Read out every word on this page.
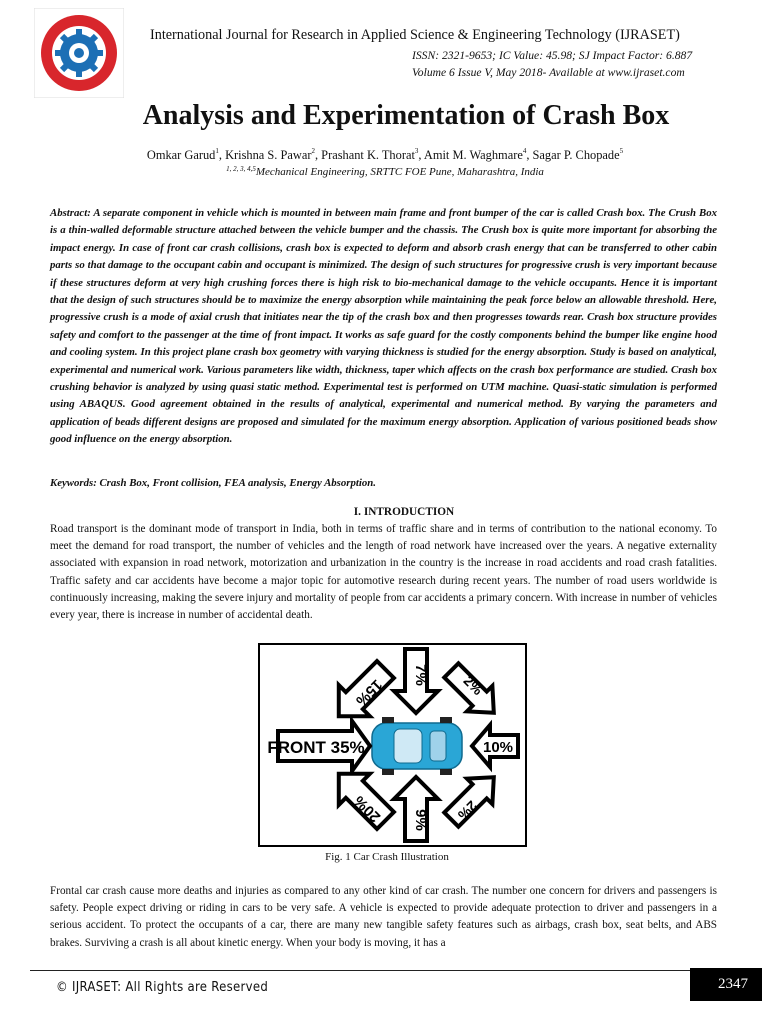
International Journal for Research in Applied Science & Engineering Technology (IJRASET)
ISSN: 2321-9653; IC Value: 45.98; SJ Impact Factor: 6.887
Volume 6 Issue V, May 2018- Available at www.ijraset.com
Analysis and Experimentation of Crash Box
Omkar Garud$^1$, Krishna S. Pawar$^2$, Prashant K. Thorat$^3$, Amit M. Waghmare$^4$, Sagar P. Chopade$^5$
$^{1, 2, 3, 4,5}$Mechanical Engineering, SRTTC FOE Pune, Maharashtra, India
Abstract: A separate component in vehicle which is mounted in between main frame and front bumper of the car is called Crash box. The Crush Box is a thin-walled deformable structure attached between the vehicle bumper and the chassis. The Crush box is quite more important for absorbing the impact energy. In case of front car crash collisions, crash box is expected to deform and absorb crash energy that can be transferred to other cabin parts so that damage to the occupant cabin and occupant is minimized. The design of such structures for progressive crush is very important because if these structures deform at very high crushing forces there is high risk to bio-mechanical damage to the vehicle occupants. Hence it is important that the design of such structures should be to maximize the energy absorption while maintaining the peak force below an allowable threshold. Here, progressive crush is a mode of axial crush that initiates near the tip of the crash box and then progresses towards rear. Crash box structure provides safety and comfort to the passenger at the time of front impact. It works as safe guard for the costly components behind the bumper like engine hood and cooling system. In this project plane crash box geometry with varying thickness is studied for the energy absorption. Study is based on analytical, experimental and numerical work. Various parameters like width, thickness, taper which affects on the crash box performance are studied. Crash box crushing behavior is analyzed by using quasi static method. Experimental test is performed on UTM machine. Quasi-static simulation is performed using ABAQUS. Good agreement obtained in the results of analytical, experimental and numerical method. By varying the parameters and application of beads different designs are proposed and simulated for the maximum energy absorption. Application of various positioned beads show good influence on the energy absorption.
Keywords: Crash Box, Front collision, FEA analysis, Energy Absorption.
I. INTRODUCTION
Road transport is the dominant mode of transport in India, both in terms of traffic share and in terms of contribution to the national economy. To meet the demand for road transport, the number of vehicles and the length of road network have increased over the years. A negative externality associated with expansion in road network, motorization and urbanization in the country is the increase in road accidents and road crash fatalities. Traffic safety and car accidents have become a major topic for automotive research during recent years. The number of road users worldwide is continuously increasing, making the severe injury and mortality of people from car accidents a primary concern. With increase in number of vehicles every year, there is increase in number of accidental death.
FRONT 35%
7%
9%
10%
15%	2%
20%	2%
Fig. 1 Car Crash Illustration
Frontal car crash cause more deaths and injuries as compared to any other kind of car crash. The number one concern for drivers and passengers is safety. People expect driving or riding in cars to be very safe. A vehicle is expected to provide adequate protection to driver and passengers in a serious accident. To protect the occupants of a car, there are many new tangible safety features such as airbags, crash box, seat belts, and ABS brakes. Surviving a crash is all about kinetic energy. When your body is moving, it has a
© IJRASET: All Rights are Reserved	2347
